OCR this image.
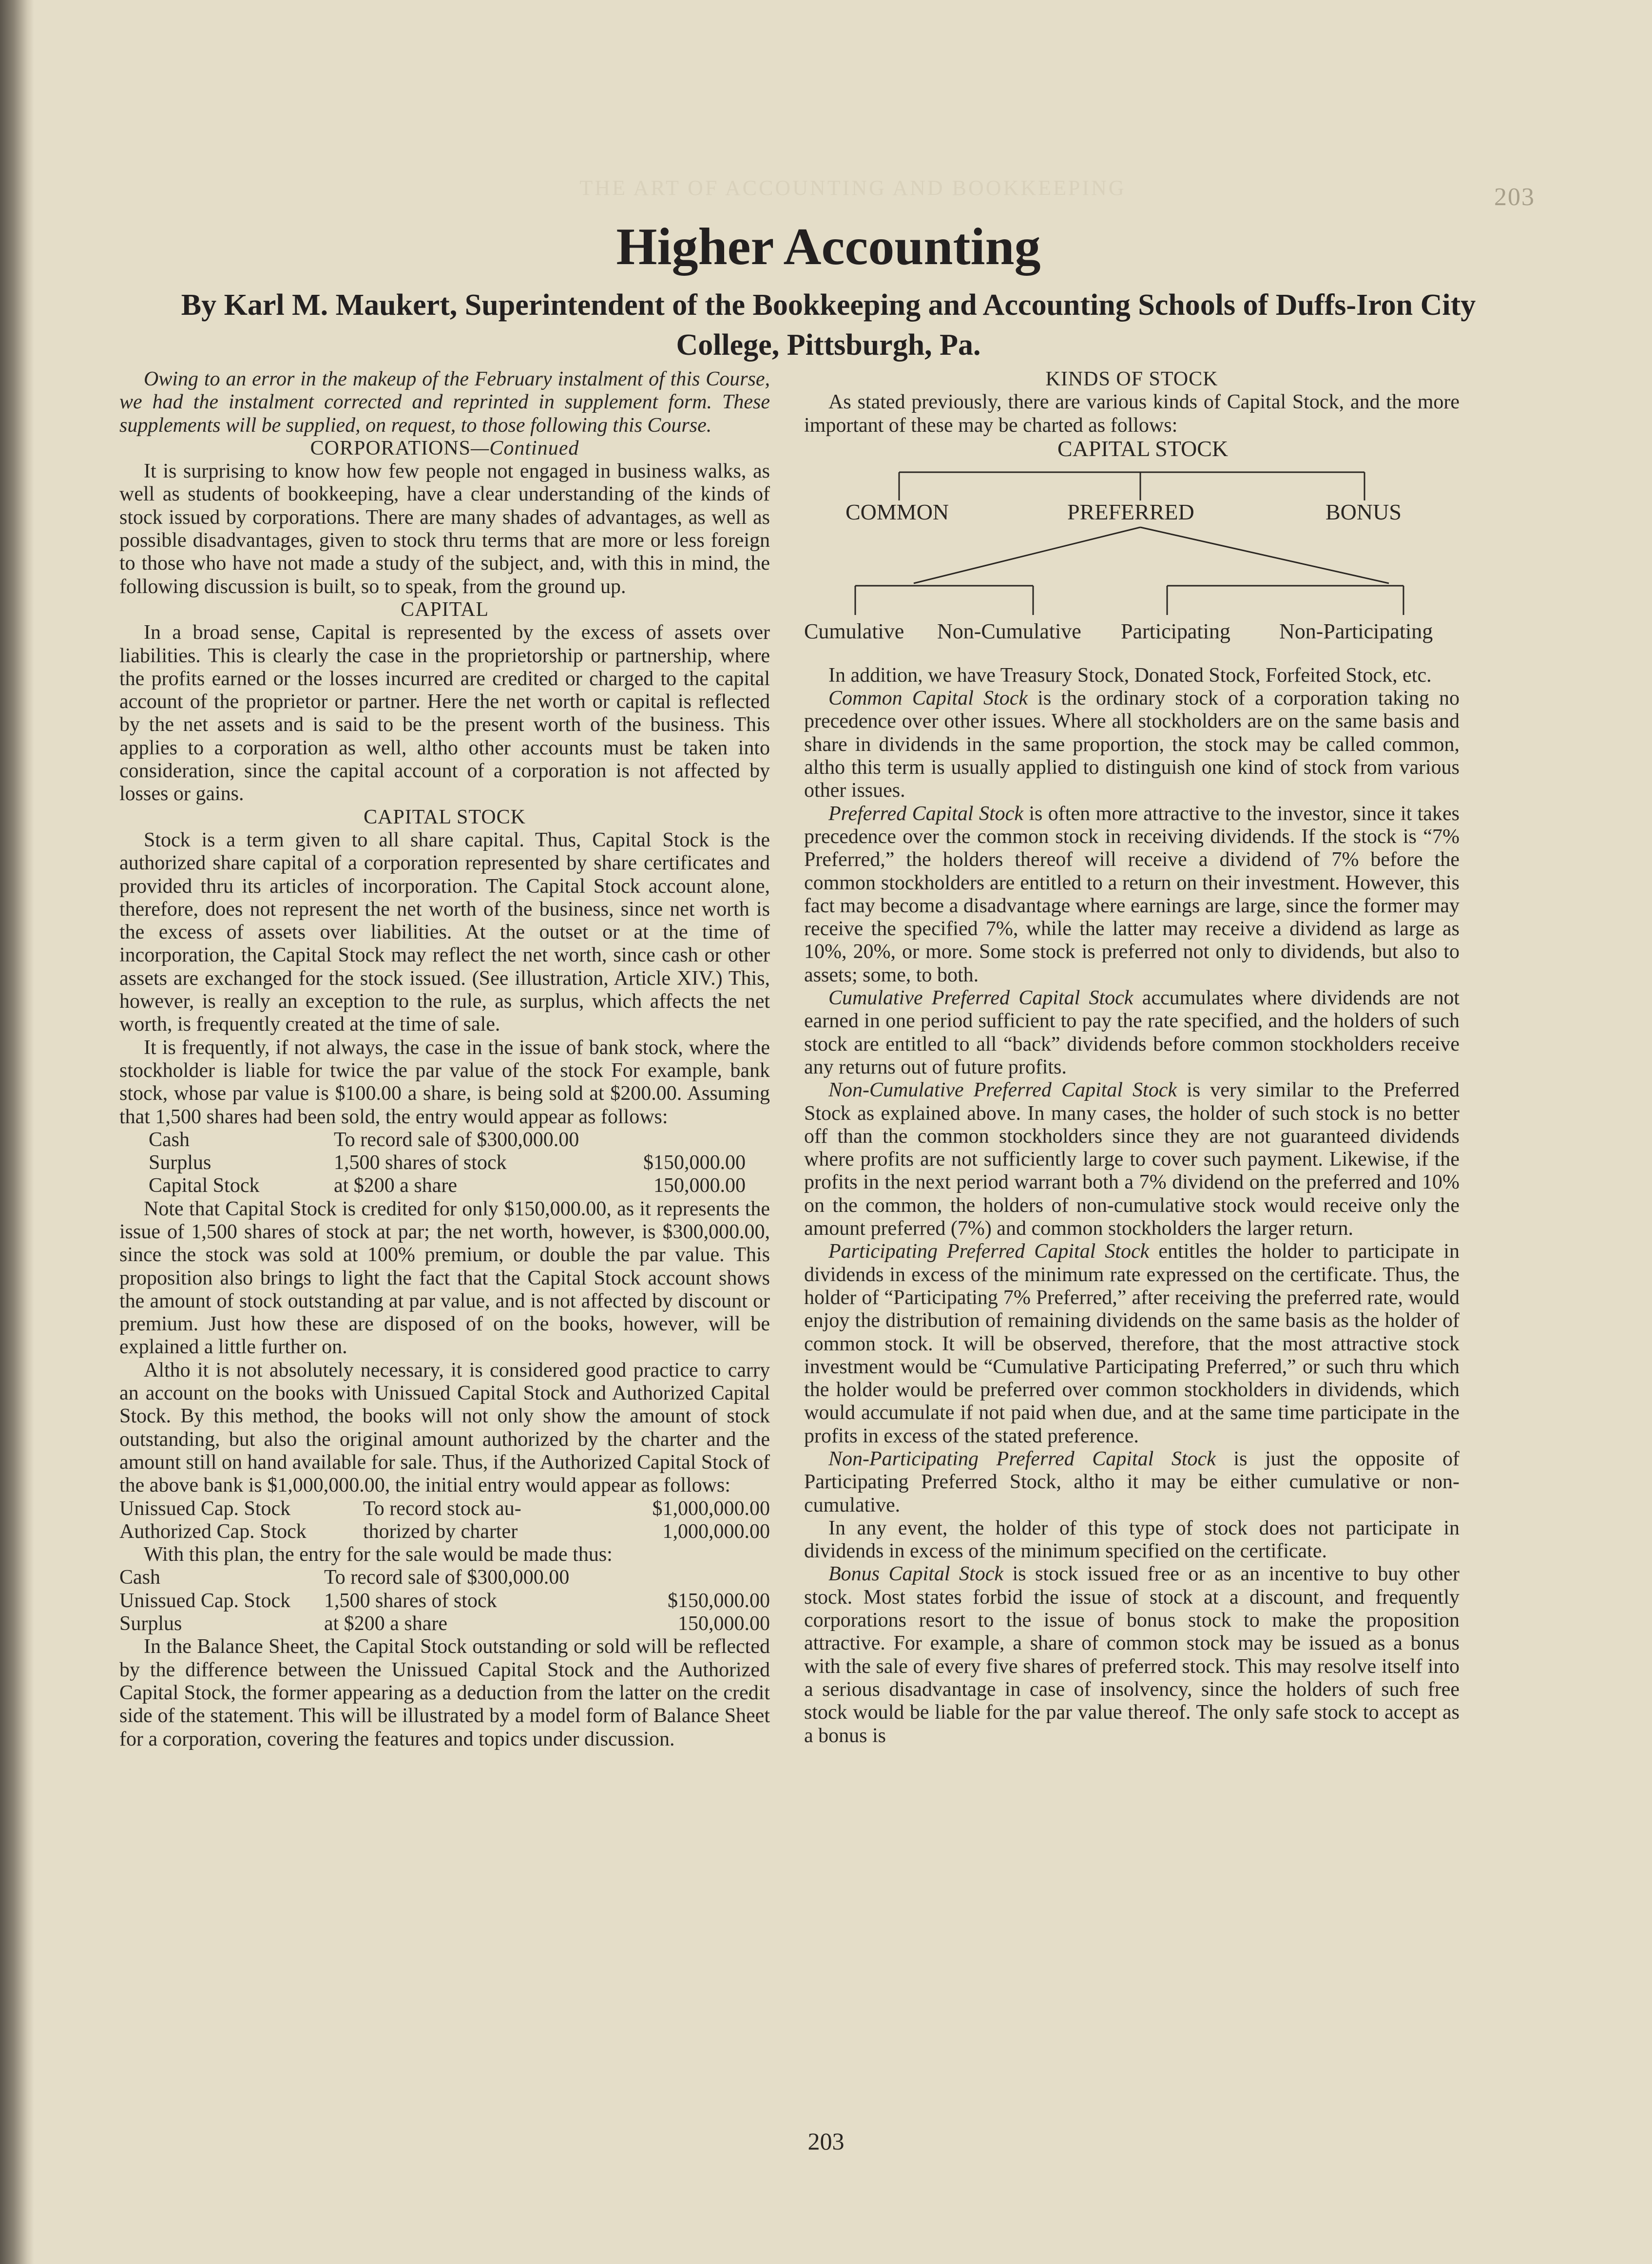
THE ART OF ACCOUNTING AND BOOKKEEPING	203
Higher Accounting
By Karl M. Maukert, Superintendent of the Bookkeeping and Accounting Schools of Duffs-Iron City College, Pittsburgh, Pa.

Owing to an error in the makeup of the February instalment of this Course, we had the instalment corrected and reprinted in supplement form. These supplements will be supplied, on request, to those following this Course.

CORPORATIONS—Continued

It is surprising to know how few people not engaged in business walks, as well as students of bookkeeping, have a clear understanding of the kinds of stock issued by corporations. There are many shades of advantages, as well as possible disadvantages, given to stock thru terms that are more or less foreign to those who have not made a study of the subject, and, with this in mind, the following discussion is built, so to speak, from the ground up.

CAPITAL

In a broad sense, Capital is represented by the excess of assets over liabilities. This is clearly the case in the proprietorship or partnership, where the profits earned or the losses incurred are credited or charged to the capital account of the proprietor or partner. Here the net worth or capital is reflected by the net assets and is said to be the present worth of the business. This applies to a corporation as well, altho other accounts must be taken into consideration, since the capital account of a corporation is not affected by losses or gains.

CAPITAL STOCK

Stock is a term given to all share capital. Thus, Capital Stock is the authorized share capital of a corporation represented by share certificates and provided thru its articles of incorporation. The Capital Stock account alone, therefore, does not represent the net worth of the business, since net worth is the excess of assets over liabilities. At the outset or at the time of incorporation, the Capital Stock may reflect the net worth, since cash or other assets are exchanged for the stock issued. (See illustration, Article XIV.) This, however, is really an exception to the rule, as surplus, which affects the net worth, is frequently created at the time of sale.

It is frequently, if not always, the case in the issue of bank stock, where the stockholder is liable for twice the par value of the stock For example, bank stock, whose par value is $100.00 a share, is being sold at $200.00. Assuming that 1,500 shares had been sold, the entry would appear as follows:

Cash	To record sale of $300,000.00	
Surplus	1,500 shares of stock	$150,000.00
Capital Stock	at $200 a share	150,000.00

Note that Capital Stock is credited for only $150,000.00, as it represents the issue of 1,500 shares of stock at par; the net worth, however, is $300,000.00, since the stock was sold at 100% premium, or double the par value. This proposition also brings to light the fact that the Capital Stock account shows the amount of stock outstanding at par value, and is not affected by discount or premium. Just how these are disposed of on the books, however, will be explained a little further on.

Altho it is not absolutely necessary, it is considered good practice to carry an account on the books with Unissued Capital Stock and Authorized Capital Stock. By this method, the books will not only show the amount of stock outstanding, but also the original amount authorized by the charter and the amount still on hand available for sale. Thus, if the Authorized Capital Stock of the above bank is $1,000,000.00, the initial entry would appear as follows:

Unissued Cap. Stock	To record stock au-	$1,000,000.00
Authorized Cap. Stock	thorized by charter	1,000,000.00

With this plan, the entry for the sale would be made thus:

Cash	To record sale of $300,000.00	
Unissued Cap. Stock	1,500 shares of stock	$150,000.00
Surplus	at $200 a share	150,000.00

In the Balance Sheet, the Capital Stock outstanding or sold will be reflected by the difference between the Unissued Capital Stock and the Authorized Capital Stock, the former appearing as a deduction from the latter on the credit side of the statement. This will be illustrated by a model form of Balance Sheet for a corporation, covering the features and topics under discussion.

KINDS OF STOCK

As stated previously, there are various kinds of Capital Stock, and the more important of these may be charted as follows:

CAPITAL STOCK
COMMON	PREFERRED	BONUS
Cumulative Non-Cumulative Participating Non-Participating

In addition, we have Treasury Stock, Donated Stock, Forfeited Stock, etc.

Common Capital Stock is the ordinary stock of a corporation taking no precedence over other issues. Where all stockholders are on the same basis and share in dividends in the same proportion, the stock may be called common, altho this term is usually applied to distinguish one kind of stock from various other issues.

Preferred Capital Stock is often more attractive to the investor, since it takes precedence over the common stock in receiving dividends. If the stock is “7% Preferred,” the holders thereof will receive a dividend of 7% before the common stockholders are entitled to a return on their investment. However, this fact may become a disadvantage where earnings are large, since the former may receive the specified 7%, while the latter may receive a dividend as large as 10%, 20%, or more. Some stock is preferred not only to dividends, but also to assets; some, to both.

Cumulative Preferred Capital Stock accumulates where dividends are not earned in one period sufficient to pay the rate specified, and the holders of such stock are entitled to all “back” dividends before common stockholders receive any returns out of future profits.

Non-Cumulative Preferred Capital Stock is very similar to the Preferred Stock as explained above. In many cases, the holder of such stock is no better off than the common stockholders since they are not guaranteed dividends where profits are not sufficiently large to cover such payment. Likewise, if the profits in the next period warrant both a 7% dividend on the preferred and 10% on the common, the holders of non-cumulative stock would receive only the amount preferred (7%) and common stockholders the larger return.

Participating Preferred Capital Stock entitles the holder to participate in dividends in excess of the minimum rate expressed on the certificate. Thus, the holder of “Participating 7% Preferred,” after receiving the preferred rate, would enjoy the distribution of remaining dividends on the same basis as the holder of common stock. It will be observed, therefore, that the most attractive stock investment would be “Cumulative Participating Preferred,” or such thru which the holder would be preferred over common stockholders in dividends, which would accumulate if not paid when due, and at the same time participate in the profits in excess of the stated preference.

Non-Participating Preferred Capital Stock is just the opposite of Participating Preferred Stock, altho it may be either cumulative or non-cumulative.

In any event, the holder of this type of stock does not participate in dividends in excess of the minimum specified on the certificate.

Bonus Capital Stock is stock issued free or as an incentive to buy other stock. Most states forbid the issue of stock at a discount, and frequently corporations resort to the issue of bonus stock to make the proposition attractive. For example, a share of common stock may be issued as a bonus with the sale of every five shares of preferred stock. This may resolve itself into a serious disadvantage in case of insolvency, since the holders of such free stock would be liable for the par value thereof. The only safe stock to accept as a bonus is

203
